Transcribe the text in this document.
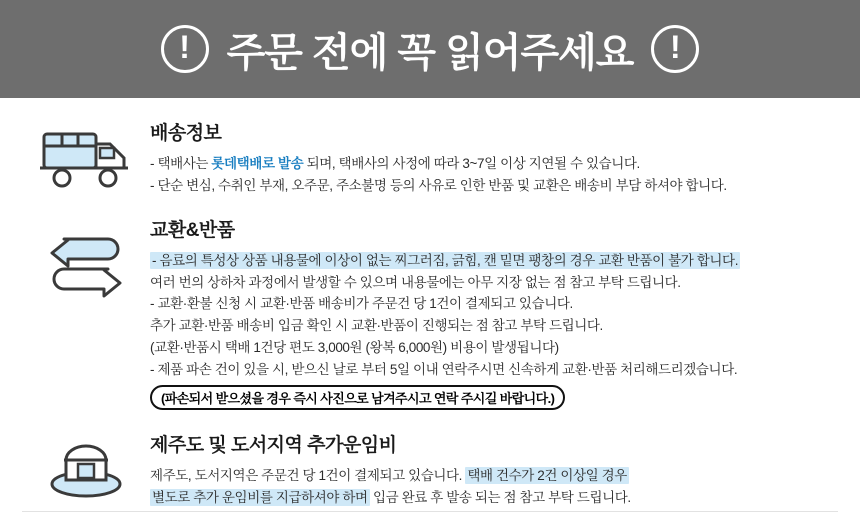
! 주문 전에 꼭 읽어주세요 !
배송정보

- 택배사는 롯데택배로 발송 되며, 택배사의 사정에 따라 3~7일 이상 지연될 수 있습니다.

- 단순 변심, 수취인 부재, 오주문, 주소불명 등의 사유로 인한 반품 및 교환은 배송비 부담 하셔야 합니다.

교환&반품

- 음료의 특성상 상품 내용물에 이상이 없는 찌그러짐, 긁힘, 캔 밑면 팽창의 경우 교환 반품이 불가 합니다.

여러 번의 상하차 과정에서 발생할 수 있으며 내용물에는 아무 지장 없는 점 참고 부탁 드립니다.

- 교환·환불 신청 시 교환·반품 배송비가 주문건 당 1건이 결제되고 있습니다.

추가 교환·반품 배송비 입금 확인 시 교환·반품이 진행되는 점 참고 부탁 드립니다.

(교환·반품시 택배 1건당 편도 3,000원 (왕복 6,000원) 비용이 발생됩니다)

- 제품 파손 건이 있을 시, 받으신 날로 부터 5일 이내 연락주시면 신속하게 교환·반품 처리해드리겠습니다.

(파손되서 받으셨을 경우 즉시 사진으로 남겨주시고 연락 주시길 바랍니다.)
제주도 및 도서지역 추가운임비

제주도, 도서지역은 주문건 당 1건이 결제되고 있습니다. 택배 건수가 2건 이상일 경우

별도로 추가 운임비를 지급하셔야 하며 입금 완료 후 발송 되는 점 참고 부탁 드립니다.
